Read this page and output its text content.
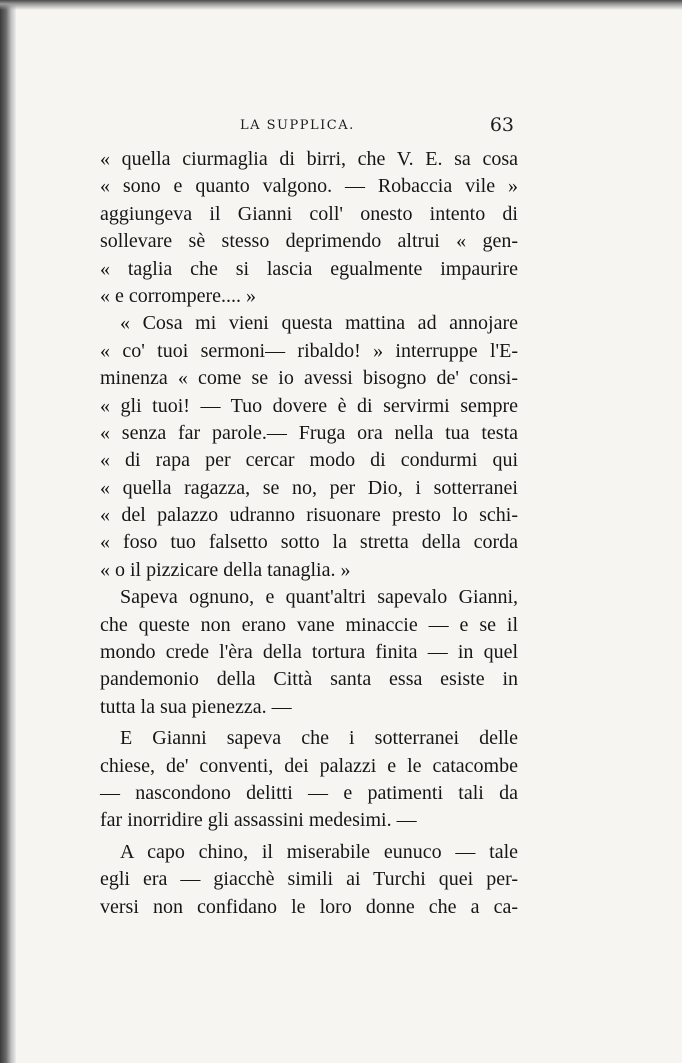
LA SUPPLICA.	63
« quella ciurmaglia di birri, che V. E. sa cosa
« sono e quanto valgono. — Robaccia vile »
aggiungeva il Gianni coll' onesto intento di
sollevare sè stesso deprimendo altrui « gen-
« taglia che si lascia egualmente impaurire
« e corrompere.... »
« Cosa mi vieni questa mattina ad annojare
« co' tuoi sermoni— ribaldo! » interruppe l'E-
minenza « come se io avessi bisogno de' consi-
« gli tuoi! — Tuo dovere è di servirmi sempre
« senza far parole.— Fruga ora nella tua testa
« di rapa per cercar modo di condurmi qui
« quella ragazza, se no, per Dio, i sotterranei
« del palazzo udranno risuonare presto lo schi-
« foso tuo falsetto sotto la stretta della corda
« o il pizzicare della tanaglia. »
Sapeva ognuno, e quant'altri sapevalo Gianni,
che queste non erano vane minaccie — e se il
mondo crede l'èra della tortura finita — in quel
pandemonio della Città santa essa esiste in
tutta la sua pienezza. —
E Gianni sapeva che i sotterranei delle
chiese, de' conventi, dei palazzi e le catacombe
— nascondono delitti — e patimenti tali da
far inorridire gli assassini medesimi. —
A capo chino, il miserabile eunuco — tale
egli era — giacchè simili ai Turchi quei per-
versi non confidano le loro donne che a ca-
